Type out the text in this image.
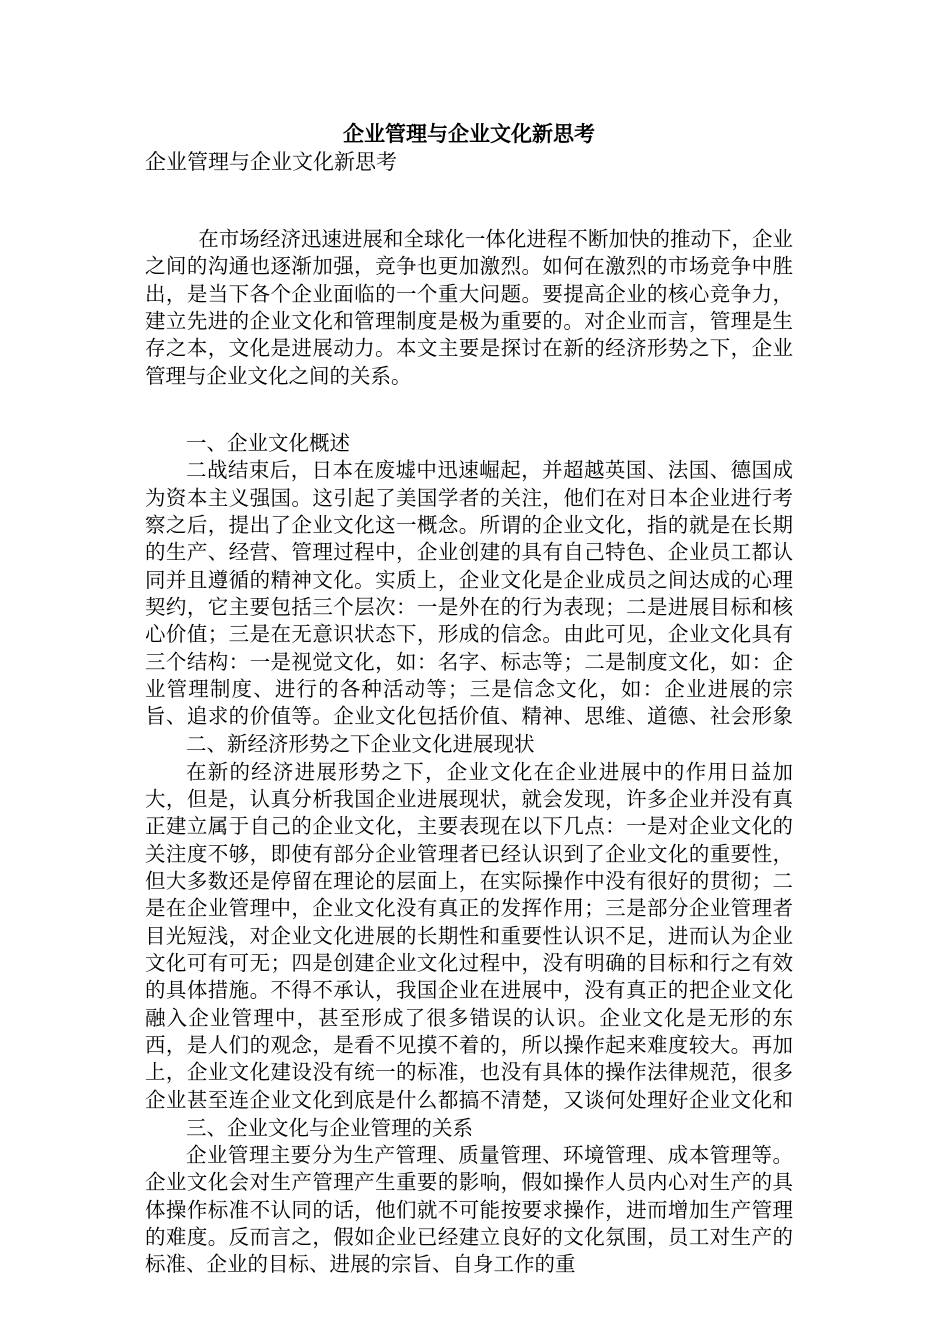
企业管理与企业文化新思考
企业管理与企业文化新思考

在市场经济迅速进展和全球化一体化进程不断加快的推动下，企业之间的沟通也逐渐加强，竞争也更加激烈。如何在激烈的市场竞争中胜出，是当下各个企业面临的一个重大问题。要提高企业的核心竞争力，建立先进的企业文化和管理制度是极为重要的。对企业而言，管理是生存之本，文化是进展动力。本文主要是探讨在新的经济形势之下，企业管理与企业文化之间的关系。

一、企业文化概述

二战结束后，日本在废墟中迅速崛起，并超越英国、法国、德国成为资本主义强国。这引起了美国学者的关注，他们在对日本企业进行考察之后，提出了企业文化这一概念。所谓的企业文化，指的就是在长期的生产、经营、管理过程中，企业创建的具有自己特色、企业员工都认同并且遵循的精神文化。实质上，企业文化是企业成员之间达成的心理契约，它主要包括三个层次：一是外在的行为表现；二是进展目标和核心价值；三是在无意识状态下，形成的信念。由此可见，企业文化具有三个结构：一是视觉文化，如：名字、标志等；二是制度文化，如：企业管理制度、进行的各种活动等；三是信念文化，如：企业进展的宗旨、追求的价值等。企业文化包括价值、精神、思维、道德、社会形象

二、新经济形势之下企业文化进展现状

在新的经济进展形势之下，企业文化在企业进展中的作用日益加大，但是，认真分析我国企业进展现状，就会发现，许多企业并没有真正建立属于自己的企业文化，主要表现在以下几点：一是对企业文化的关注度不够，即使有部分企业管理者已经认识到了企业文化的重要性，但大多数还是停留在理论的层面上，在实际操作中没有很好的贯彻；二是在企业管理中，企业文化没有真正的发挥作用；三是部分企业管理者目光短浅，对企业文化进展的长期性和重要性认识不足，进而认为企业文化可有可无；四是创建企业文化过程中，没有明确的目标和行之有效的具体措施。不得不承认，我国企业在进展中，没有真正的把企业文化融入企业管理中，甚至形成了很多错误的认识。企业文化是无形的东西，是人们的观念，是看不见摸不着的，所以操作起来难度较大。再加上，企业文化建设没有统一的标准，也没有具体的操作法律规范，很多企业甚至连企业文化到底是什么都搞不清楚，又谈何处理好企业文化和

三、企业文化与企业管理的关系

企业管理主要分为生产管理、质量管理、环境管理、成本管理等。企业文化会对生产管理产生重要的影响，假如操作人员内心对生产的具体操作标准不认同的话，他们就不可能按要求操作，进而增加生产管理的难度。反而言之，假如企业已经建立良好的文化氛围，员工对生产的标准、企业的目标、进展的宗旨、自身工作的重
